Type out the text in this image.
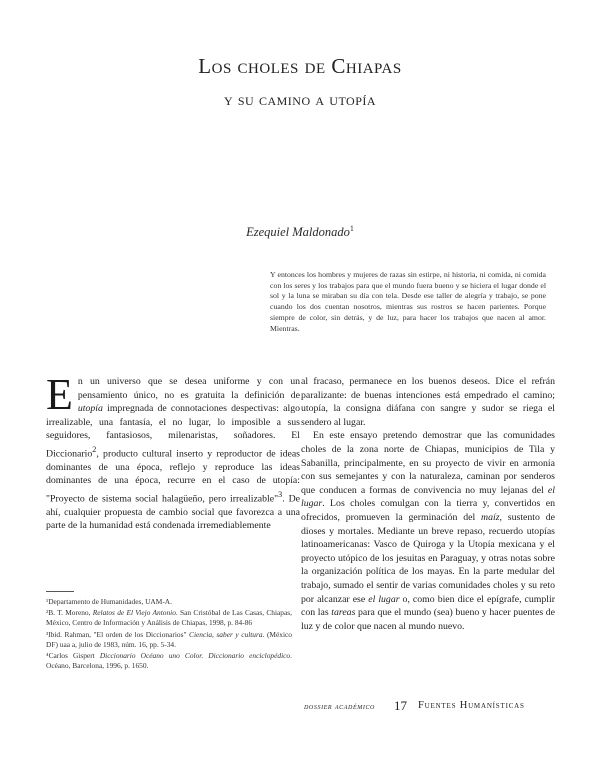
Los choles de Chiapas
y su camino a utopía
Ezequiel Maldonado$^1$
Y entonces los hombres y mujeres de razas sin estirpe, ni historia, ni comida, ni comida con los seres y los trabajos para que el mundo fuera bueno y se hiciera el lugar donde el sol y la luna se miraban su día con tela. Desde ese taller de alegría y trabajo, se pone cuando los dos cuentan nosotros, mientras sus rostros se hacen parientes. Porque siempre de color, sin detrás, y de luz, para hacer los trabajos que nacen al amor. Mientras.

En un universo que se desea uniforme y con un pensamiento único, no es gratuita la definición de utopía impregnada de connotaciones despectivas: algo irrealizable, una fantasía, el no lugar, lo imposible a sus seguidores, fantasiosos, milenaristas, soñadores. El Diccionario$^2$, producto cultural inserto y reproductor de ideas dominantes de una época, reflejo y reproduce las ideas dominantes de una época, recurre en el caso de utopía: "Proyecto de sistema social halagüeño, pero irrealizable"$^3$. De ahí, cualquier propuesta de cambio social que favorezca a una parte de la humanidad está condenada irremediablemente

al fracaso, permanece en los buenos deseos. Dice el refrán paralizante: de buenas intenciones está empedrado el camino; utopía, la consigna diáfana con sangre y sudor se riega el sendero al lugar.

En este ensayo pretendo demostrar que las comunidades choles de la zona norte de Chiapas, municipios de Tila y Sabanilla, principalmente, en su proyecto de vivir en armonía con sus semejantes y con la naturaleza, caminan por senderos que conducen a formas de convivencia no muy lejanas del el lugar. Los choles comulgan con la tierra y, convertidos en ofrecidos, promueven la germinación del maíz, sustento de dioses y mortales. Mediante un breve repaso, recuerdo utopías latinoamericanas: Vasco de Quiroga y la Utopía mexicana y el proyecto utópico de los jesuitas en Paraguay, y otras notas sobre la organización política de los mayas. En la parte medular del trabajo, sumado el sentir de varias comunidades choles y su reto por alcanzar ese el lugar o, como bien dice el epígrafe, cumplir con las tareas para que el mundo (sea) bueno y hacer puentes de luz y de color que nacen al mundo nuevo.

¹Departamento de Humanidades, UAM-A.

²B. T. Moreno, Relatos de El Viejo Antonio. San Cristóbal de Las Casas, Chiapas, México, Centro de Información y Análisis de Chiapas, 1998, p. 84-86

³Ibid. Rahman, "El orden de los Diccionarios" Ciencia, saber y cultura. (México DF) uaa a, julio de 1983, núm. 16, pp. 5-34.

⁴Carlos Gispert Diccionario Océano uno Color. Diccionario enciclopédico. Océano, Barcelona, 1996, p. 1650.

dossier académico 17 Fuentes Humanísticas
